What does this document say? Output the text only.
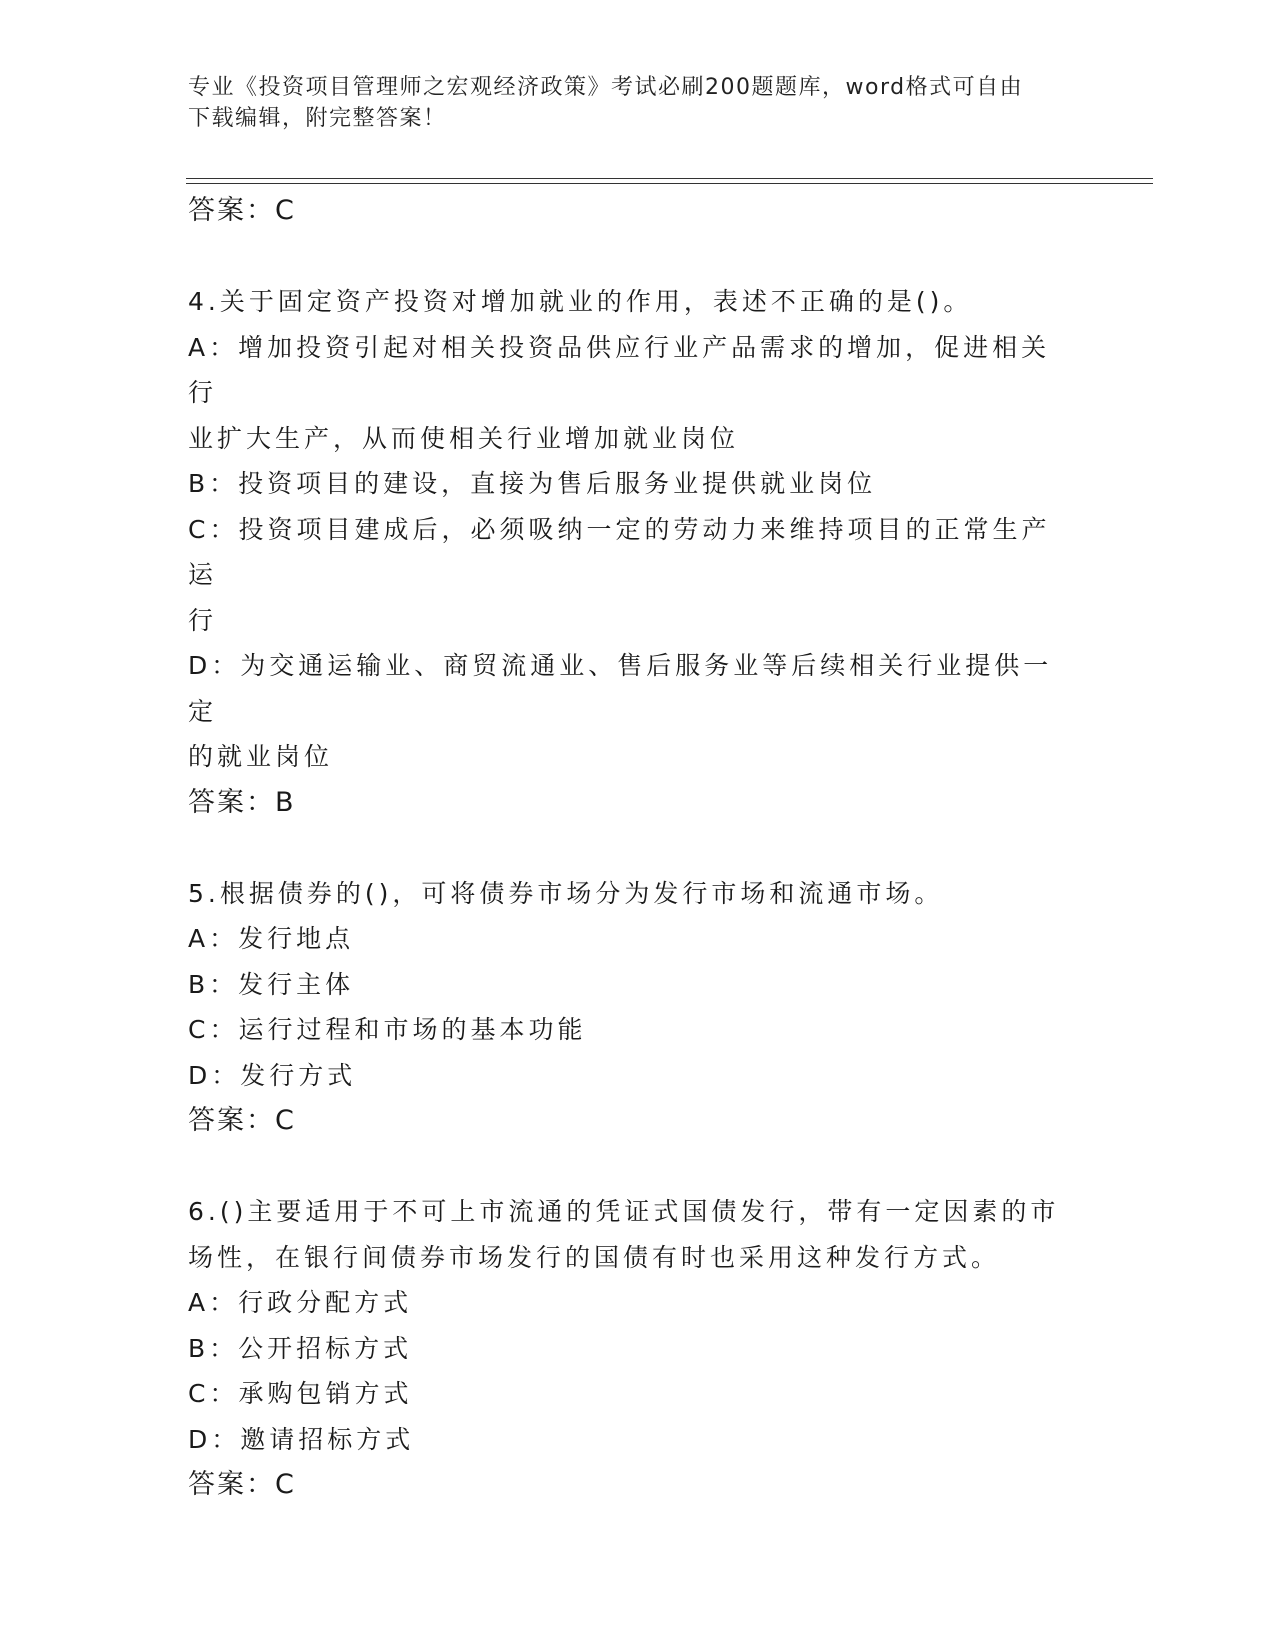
专业《投资项目管理师之宏观经济政策》考试必刷200题题库，word格式可自由
下载编辑，附完整答案！
答案：C
4.关于固定资产投资对增加就业的作用，表述不正确的是()。
A：增加投资引起对相关投资品供应行业产品需求的增加，促进相关行
业扩大生产，从而使相关行业增加就业岗位
B：投资项目的建设，直接为售后服务业提供就业岗位
C：投资项目建成后，必须吸纳一定的劳动力来维持项目的正常生产运
行
D：为交通运输业、商贸流通业、售后服务业等后续相关行业提供一定
的就业岗位
答案：B
5.根据债券的()，可将债券市场分为发行市场和流通市场。
A：发行地点
B：发行主体
C：运行过程和市场的基本功能
D：发行方式
答案：C
6.()主要适用于不可上市流通的凭证式国债发行，带有一定因素的市
场性，在银行间债券市场发行的国债有时也采用这种发行方式。
A：行政分配方式
B：公开招标方式
C：承购包销方式
D：邀请招标方式
答案：C
